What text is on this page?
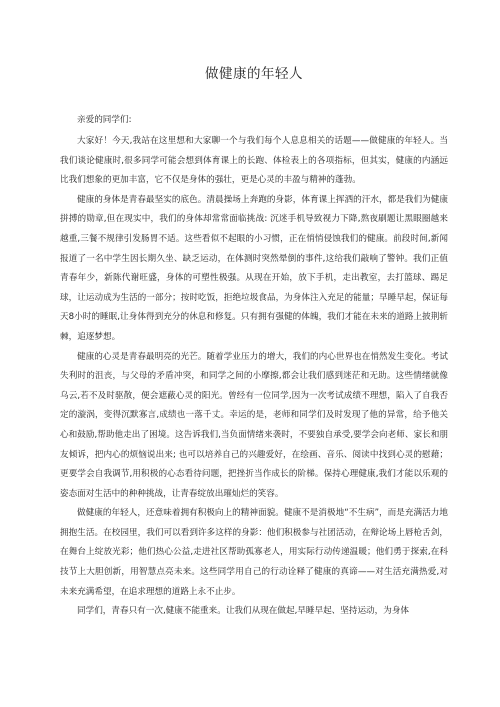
做健康的年轻人

亲爱的同学们:

大家好！今天,我站在这里想和大家聊一个与我们每个人息息相关的话题——做健康的年轻人。当我们谈论健康时,很多同学可能会想到体育课上的长跑、体检表上的各项指标，但其实，健康的内涵远比我们想象的更加丰富，它不仅是身体的强壮，更是心灵的丰盈与精神的蓬勃。

健康的身体是青春最坚实的底色。清晨操场上奔跑的身影，体育课上挥洒的汗水，都是我们为健康拼搏的勋章,但在现实中，我们的身体却常常面临挑战: 沉迷手机导致视力下降,熬夜刷题让黑眼圈越来越重,三餐不规律引发肠胃不适。这些看似不起眼的小习惯，正在悄悄侵蚀我们的健康。前段时间,新闻报道了一名中学生因长期久坐、缺乏运动，在体测时突然晕倒的事件,这给我们敲响了警钟。我们正值青春年少，新陈代谢旺盛，身体的可塑性极强。从现在开始，放下手机，走出教室，去打篮球、踢足球，让运动成为生活的一部分；按时吃饭，拒绝垃圾食品，为身体注入充足的能量；早睡早起，保证每天8小时的睡眠,让身体得到充分的休息和修复。只有拥有强健的体魄，我们才能在未来的道路上披荆斩棘，追逐梦想。

健康的心灵是青春最明亮的光芒。随着学业压力的增大，我们的内心世界也在悄然发生变化。考试失利时的沮丧，与父母的矛盾冲突，和同学之间的小摩擦,都会让我们感到迷茫和无助。这些情绪就像乌云,若不及时驱散，便会遮蔽心灵的阳光。曾经有一位同学,因为一次考试成绩不理想，陷入了自我否定的漩涡，变得沉默寡言,成绩也一落千丈。幸运的是，老师和同学们及时发现了他的异常，给予他关心和鼓励,帮助他走出了困境。这告诉我们,当负面情绪来袭时，不要独自承受,要学会向老师、家长和朋友倾诉，把内心的烦恼说出来; 也可以培养自己的兴趣爱好，在绘画、音乐、阅读中找到心灵的慰藉；更要学会自我调节,用积极的心态看待问题，把挫折当作成长的阶梯。保持心理健康,我们才能以乐观的姿态面对生活中的种种挑战，让青春绽放出璀灿烂的笑容。

做健康的年轻人，还意味着拥有积极向上的精神面貌。健康不是消极地“不生病”，而是充满活力地拥抱生活。在校园里，我们可以看到许多这样的身影：他们积极参与社团活动，在辩论场上唇枪舌剑，在舞台上绽放光彩；他们热心公益,走进社区帮助孤寡老人，用实际行动传递温暖；他们勇于探索,在科技节上大胆创新，用智慧点亮未来。这些同学用自己的行动诠释了健康的真谛——对生活充满热爱,对未来充满希望，在追求理想的道路上永不止步。

同学们，青春只有一次,健康不能重来。让我们从现在做起,早睡早起、坚持运动，为身体
